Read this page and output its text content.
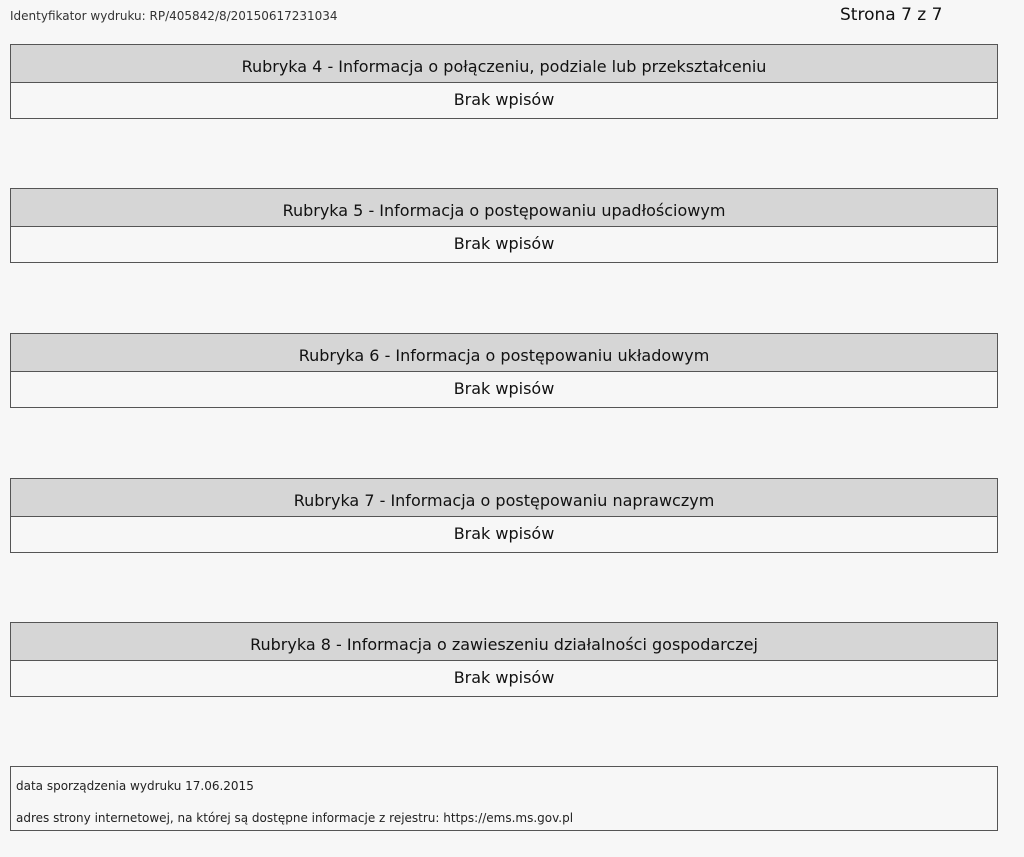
Identyfikator wydruku: RP/405842/8/20150617231034	Strona 7 z 7
Rubryka 4 - Informacja o połączeniu, podziale lub przekształceniu
Brak wpisów
Rubryka 5 - Informacja o postępowaniu upadłościowym
Brak wpisów
Rubryka 6 - Informacja o postępowaniu układowym
Brak wpisów
Rubryka 7 - Informacja o postępowaniu naprawczym
Brak wpisów
Rubryka 8 - Informacja o zawieszeniu działalności gospodarczej
Brak wpisów
data sporządzenia wydruku 17.06.2015
adres strony internetowej, na której są dostępne informacje z rejestru: https://ems.ms.gov.pl
